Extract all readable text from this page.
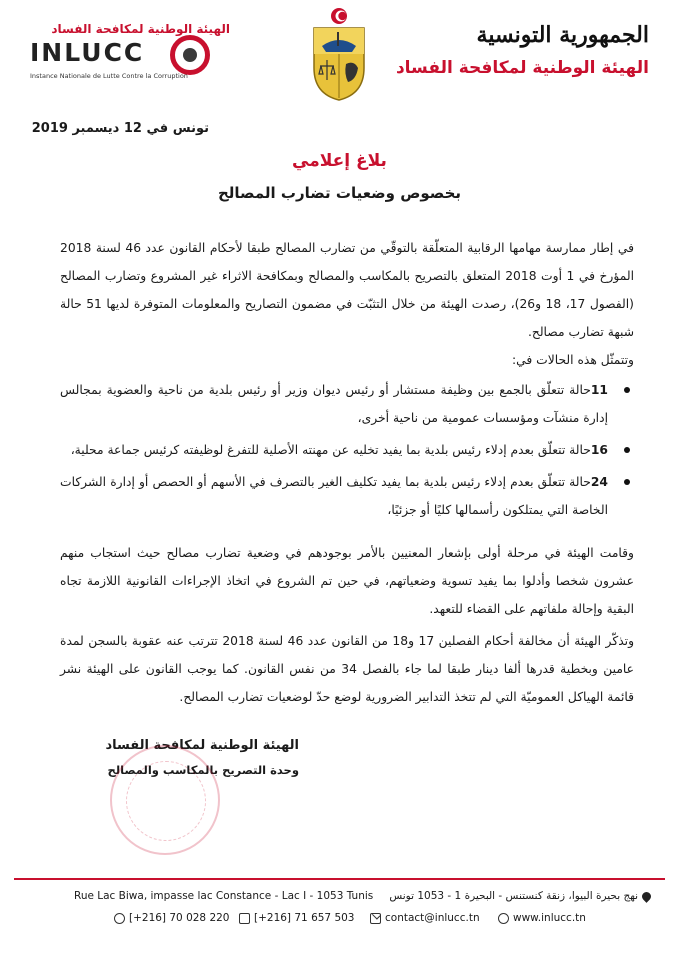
الهيئة الوطنية لمكافحة الفساد
INLUCC
Instance Nationale de Lutte Contre la Corruption
الجمهورية التونسية
الهيئة الوطنية لمكافحة الفساد
تونس في 12 ديسمبر 2019
بلاغ إعلامي
بخصوص وضعيات تضارب المصالح

في إطار ممارسة مهامها الرقابية المتعلّقة بالتوقّي من تضارب المصالح طبقا لأحكام القانون عدد 46 لسنة 2018 المؤرخ في 1 أوت 2018 المتعلق بالتصريح بالمكاسب والمصالح وبمكافحة الاثراء غير المشروع وتضارب المصالح (الفصول 17، 18 و26)، رصدت الهيئة من خلال التثبّت في مضمون التصاريح والمعلومات المتوفرة لديها 51 حالة شبهة تضارب مصالح.

وتتمثّل هذه الحالات في:

11حالة تتعلّق بالجمع بين وظيفة مستشار أو رئيس ديوان وزير أو رئيس بلدية من ناحية والعضوية بمجالس إدارة منشآت ومؤسسات عمومية من ناحية أخرى،
16حالة تتعلّق بعدم إدلاء رئيس بلدية بما يفيد تخليه عن مهنته الأصلية للتفرغ لوظيفته كرئيس جماعة محلية،
24حالة تتعلّق بعدم إدلاء رئيس بلدية بما يفيد تكليف الغير بالتصرف في الأسهم أو الحصص أو إدارة الشركات الخاصة التي يمتلكون رأسمالها كليًا أو جزئيًا،

وقامت الهيئة في مرحلة أولى بإشعار المعنيين بالأمر بوجودهم في وضعية تضارب مصالح حيث استجاب منهم عشرون شخصا وأدلوا بما يفيد تسوية وضعياتهم، في حين تم الشروع في اتخاذ الإجراءات القانونية اللازمة تجاه البقية وإحالة ملفاتهم على القضاء للتعهد.

وتذكّر الهيئة أن مخالفة أحكام الفصلين 17 و18 من القانون عدد 46 لسنة 2018 تترتب عنه عقوبة بالسجن لمدة عامين وبخطية قدرها ألفا دينار طبقا لما جاء بالفصل 34 من نفس القانون. كما يوجب القانون على الهيئة نشر قائمة الهياكل العموميّة التي لم تتخذ التدابير الضرورية لوضع حدّ لوضعيات تضارب المصالح.

الهيئة الوطنية لمكافحة الفساد
وحدة التصريح بالمكاسب والمصالح
Rue Lac Biwa, impasse lac Constance - Lac I - 1053 Tunis نهج بحيرة البيوا، زنقة كنستنس - البحيرة 1 - 1053 تونس
[+216] 70 028 220 [+216] 71 657 503	contact@inlucc.tn	www.inlucc.tn
